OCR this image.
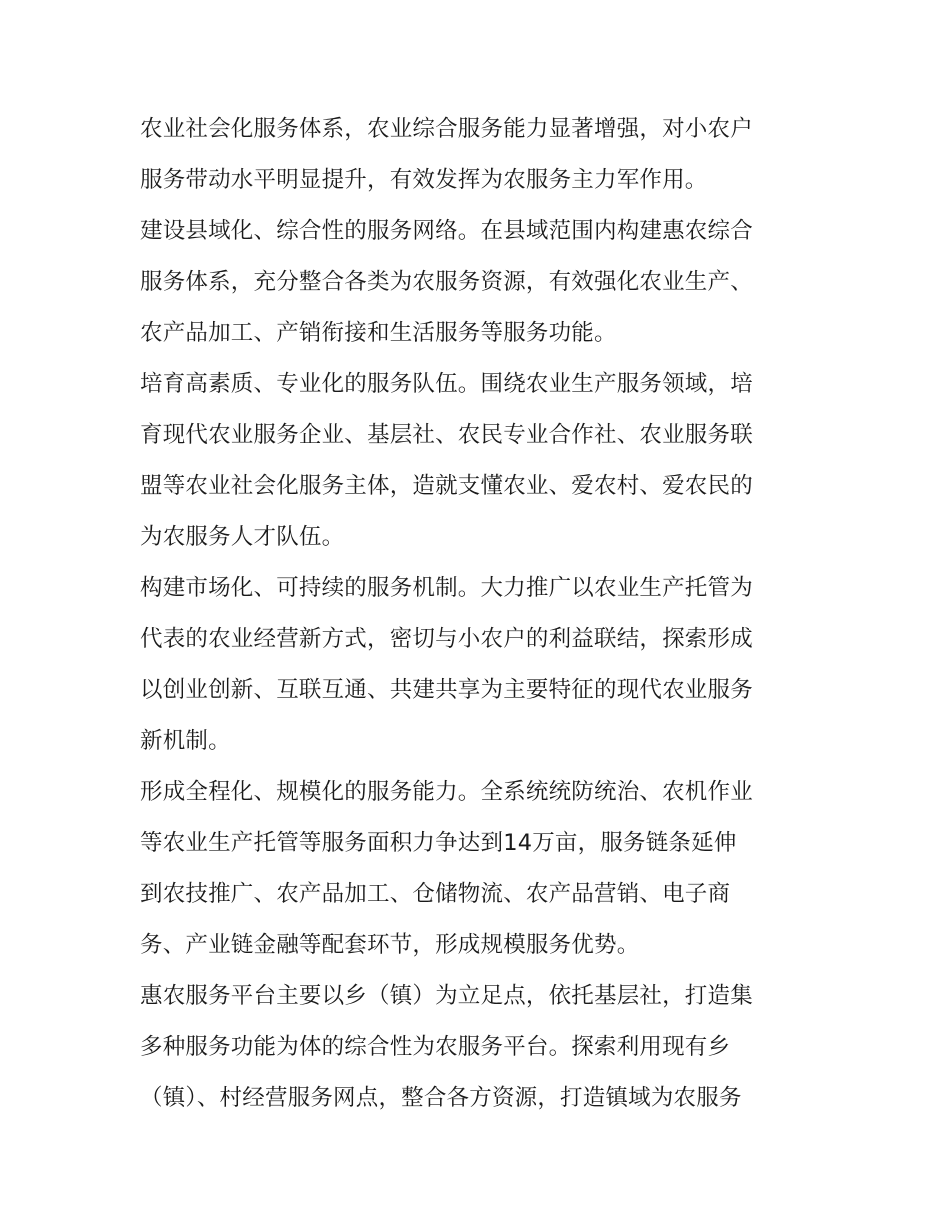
农业社会化服务体系，农业综合服务能力显著增强，对小农户
服务带动水平明显提升，有效发挥为农服务主力军作用。
建设县域化、综合性的服务网络。在县域范围内构建惠农综合
服务体系，充分整合各类为农服务资源，有效强化农业生产、
农产品加工、产销衔接和生活服务等服务功能。
培育高素质、专业化的服务队伍。围绕农业生产服务领域，培
育现代农业服务企业、基层社、农民专业合作社、农业服务联
盟等农业社会化服务主体，造就支懂农业、爱农村、爱农民的
为农服务人才队伍。
构建市场化、可持续的服务机制。大力推广以农业生产托管为
代表的农业经营新方式，密切与小农户的利益联结，探索形成
以创业创新、互联互通、共建共享为主要特征的现代农业服务
新机制。
形成全程化、规模化的服务能力。全系统统防统治、农机作业
等农业生产托管等服务面积力争达到14万亩，服务链条延伸
到农技推广、农产品加工、仓储物流、农产品营销、电子商
务、产业链金融等配套环节，形成规模服务优势。
惠农服务平台主要以乡（镇）为立足点，依托基层社，打造集
多种服务功能为体的综合性为农服务平台。探索利用现有乡
（镇）、村经营服务网点，整合各方资源，打造镇域为农服务
